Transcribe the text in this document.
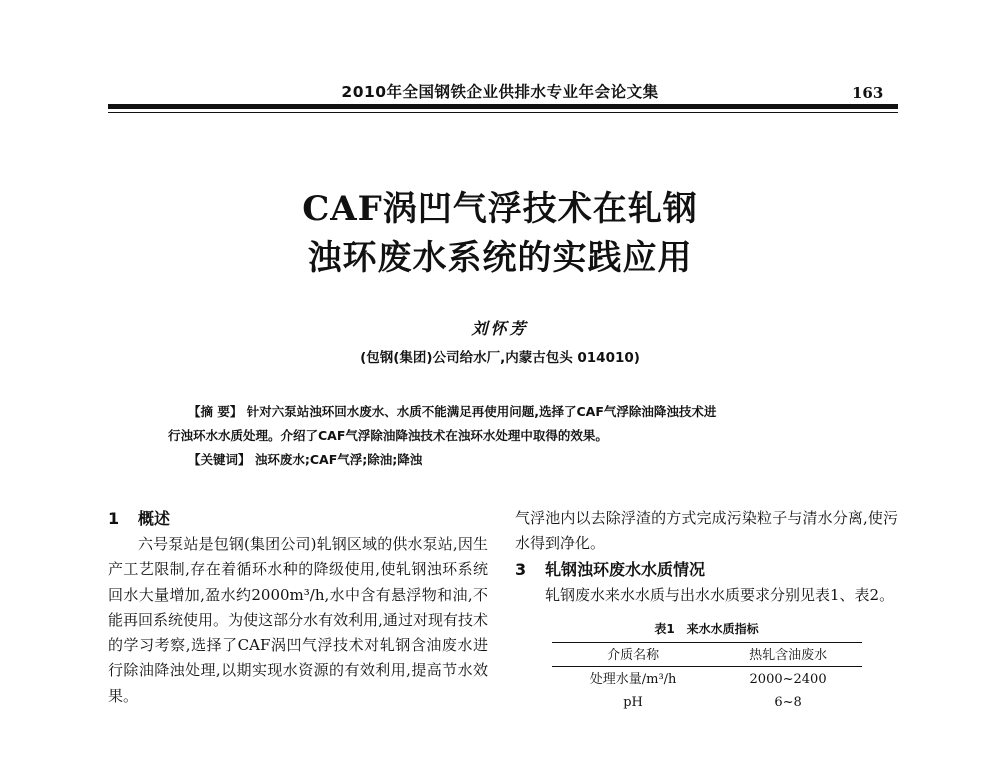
2010年全国钢铁企业供排水专业年会论文集	163
CAF涡凹气浮技术在轧钢
浊环废水系统的实践应用
刘怀芳
(包钢(集团)公司给水厂,内蒙古包头 014010)

【摘 要】 针对六泵站浊环回水废水、水质不能满足再使用问题,选择了CAF气浮除油降浊技术进

行浊环水水质处理。介绍了CAF气浮除油降浊技术在浊环水处理中取得的效果。

【关键词】 浊环废水;CAF气浮;除油;降浊

1 概述

六号泵站是包钢(集团公司)轧钢区域的供水泵站,因生产工艺限制,存在着循环水种的降级使用,使轧钢浊环系统回水大量增加,盈水约2000m³/h,水中含有悬浮物和油,不能再回系统使用。为使这部分水有效利用,通过对现有技术的学习考察,选择了CAF涡凹气浮技术对轧钢含油废水进行除油降浊处理,以期实现水资源的有效利用,提高节水效果。

气浮池内以去除浮渣的方式完成污染粒子与清水分离,使污水得到净化。

3 轧钢浊环废水水质情况

轧钢废水来水水质与出水水质要求分别见表1、表2。

表1 来水水质指标
介质名称	热轧含油废水
处理水量/m³/h	2000~2400
pH	6~8
